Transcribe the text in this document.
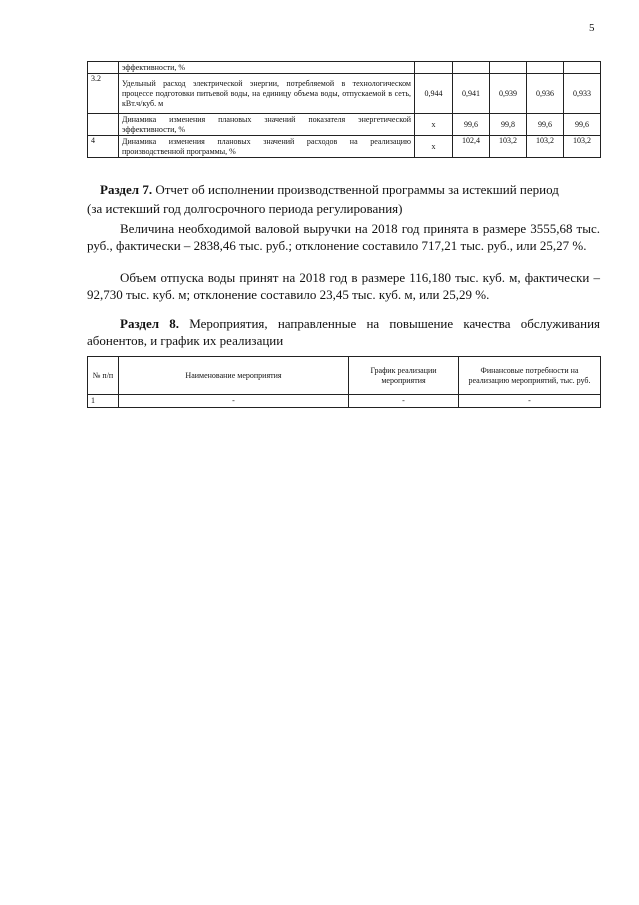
5
	эффективности, %					
3.2	Удельный расход электрической энергии, потребляемой в технологическом процессе подготовки питьевой воды, на единицу объема воды, отпускаемой в сеть, кВт.ч/куб. м	0,944	0,941	0,939	0,936	0,933
	Динамика изменения плановых значений показателя энергетической эффективности, %	х	99,6	99,8	99,6	99,6
4	Динамика изменения плановых значений расходов на реализацию производственной программы, %	х	102,4	103,2	103,2	103,2
Раздел 7. Отчет об исполнении производственной программы за истекший период
(за истекший год долгосрочного периода регулирования)
Величина необходимой валовой выручки на 2018 год принята в размере 3555,68 тыс. руб., фактически – 2838,46 тыс. руб.; отклонение составило 717,21 тыс. руб., или 25,27 %.
Объем отпуска воды принят на 2018 год в размере 116,180 тыс. куб. м, фактически – 92,730 тыс. куб. м; отклонение составило 23,45 тыс. куб. м, или 25,29 %.
Раздел 8. Мероприятия, направленные на повышение качества обслуживания абонентов, и график их реализации
№ п/п	Наименование мероприятия	График реализации мероприятия	Финансовые потребности на реализацию мероприятий, тыс. руб.
1	-	-	-
